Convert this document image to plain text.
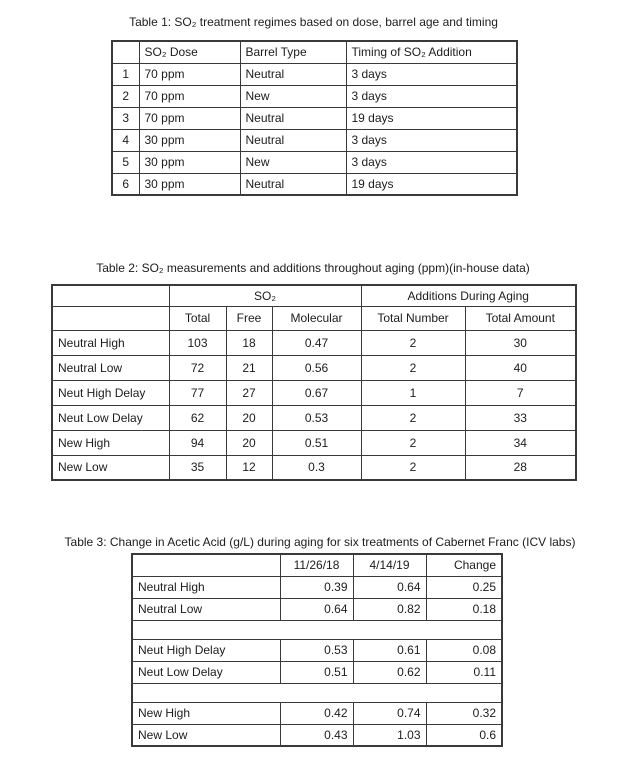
Table 1: SO₂ treatment regimes based on dose, barrel age and timing
	SO₂ Dose	Barrel Type	Timing of SO₂ Addition
1	70 ppm	Neutral	3 days
2	70 ppm	New	3 days
3	70 ppm	Neutral	19 days
4	30 ppm	Neutral	3 days
5	30 ppm	New	3 days
6	30 ppm	Neutral	19 days
Table 2: SO₂ measurements and additions throughout aging (ppm)(in-house data)
	SO₂			Additions During Aging	
	Total	Free	Molecular	Total Number	Total Amount
Neutral High	103	18	0.47	2	30
Neutral Low	72	21	0.56	2	40
Neut High Delay	77	27	0.67	1	7
Neut Low Delay	62	20	0.53	2	33
New High	94	20	0.51	2	34
New Low	35	12	0.3	2	28
Table 3: Change in Acetic Acid (g/L) during aging for six treatments of Cabernet Franc (ICV labs)
	11/26/18	4/14/19	Change
Neutral High	0.39	0.64	0.25
Neutral Low	0.64	0.82	0.18

Neut High Delay	0.53	0.61	0.08
Neut Low Delay	0.51	0.62	0.11

New High	0.42	0.74	0.32
New Low	0.43	1.03	0.6
